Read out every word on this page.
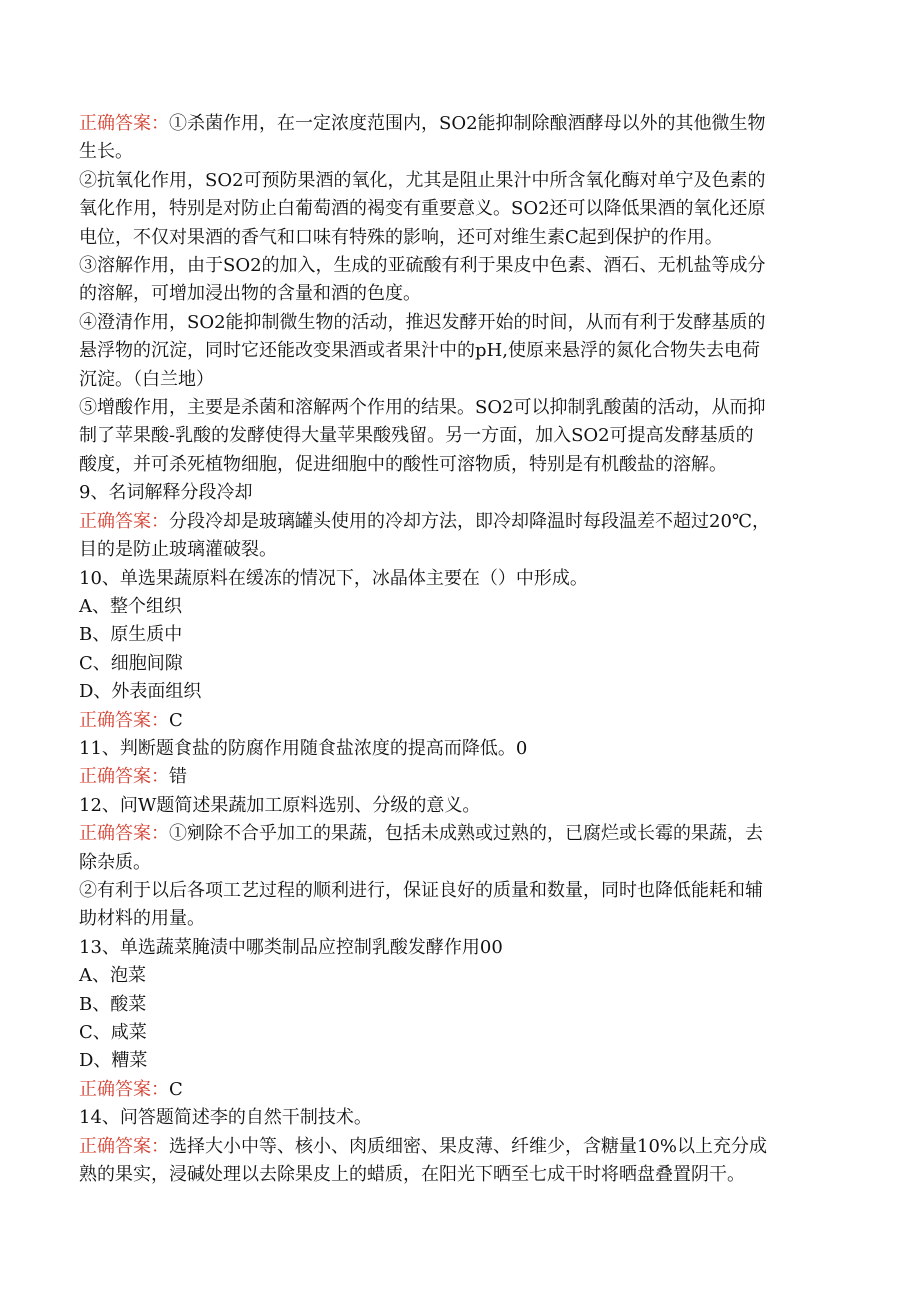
正确答案：①杀菌作用，在一定浓度范围内，SO2能抑制除酿酒酵母以外的其他微生物
生长。
②抗氧化作用，SO2可预防果酒的氧化，尤其是阻止果汁中所含氧化酶对单宁及色素的
氧化作用，特别是对防止白葡萄酒的褐变有重要意义。SO2还可以降低果酒的氧化还原
电位，不仅对果酒的香气和口味有特殊的影响，还可对维生素C起到保护的作用。
③溶解作用，由于SO2的加入，生成的亚硫酸有利于果皮中色素、酒石、无机盐等成分
的溶解，可增加浸出物的含量和酒的色度。
④澄清作用，SO2能抑制微生物的活动，推迟发酵开始的时间，从而有利于发酵基质的
悬浮物的沉淀，同时它还能改变果酒或者果汁中的pH,使原来悬浮的氮化合物失去电荷
沉淀。（白兰地）
⑤增酸作用，主要是杀菌和溶解两个作用的结果。SO2可以抑制乳酸菌的活动，从而抑
制了苹果酸-乳酸的发酵使得大量苹果酸残留。另一方面，加入SO2可提高发酵基质的
酸度，并可杀死植物细胞，促进细胞中的酸性可溶物质，特别是有机酸盐的溶解。
9、名词解释分段冷却
正确答案：分段冷却是玻璃罐头使用的冷却方法，即冷却降温时每段温差不超过20℃，
目的是防止玻璃灌破裂。
10、单选果蔬原料在缓冻的情况下，冰晶体主要在（）中形成。
A、整个组织
B、原生质中
C、细胞间隙
D、外表面组织
正确答案：C
11、判断题食盐的防腐作用随食盐浓度的提高而降低。0
正确答案：错
12、问W题简述果蔬加工原料选别、分级的意义。
正确答案：①剜除不合乎加工的果蔬，包括未成熟或过熟的，已腐烂或长霉的果蔬，去
除杂质。
②有利于以后各项工艺过程的顺利进行，保证良好的质量和数量，同时也降低能耗和辅
助材料的用量。
13、单选蔬菜腌渍中哪类制品应控制乳酸发酵作用00
A、泡菜
B、酸菜
C、咸菜
D、糟菜
正确答案：C
14、问答题简述李的自然干制技术。
正确答案：选择大小中等、核小、肉质细密、果皮薄、纤维少，含糖量10%以上充分成
熟的果实，浸碱处理以去除果皮上的蜡质，在阳光下晒至七成干时将晒盘叠置阴干。
